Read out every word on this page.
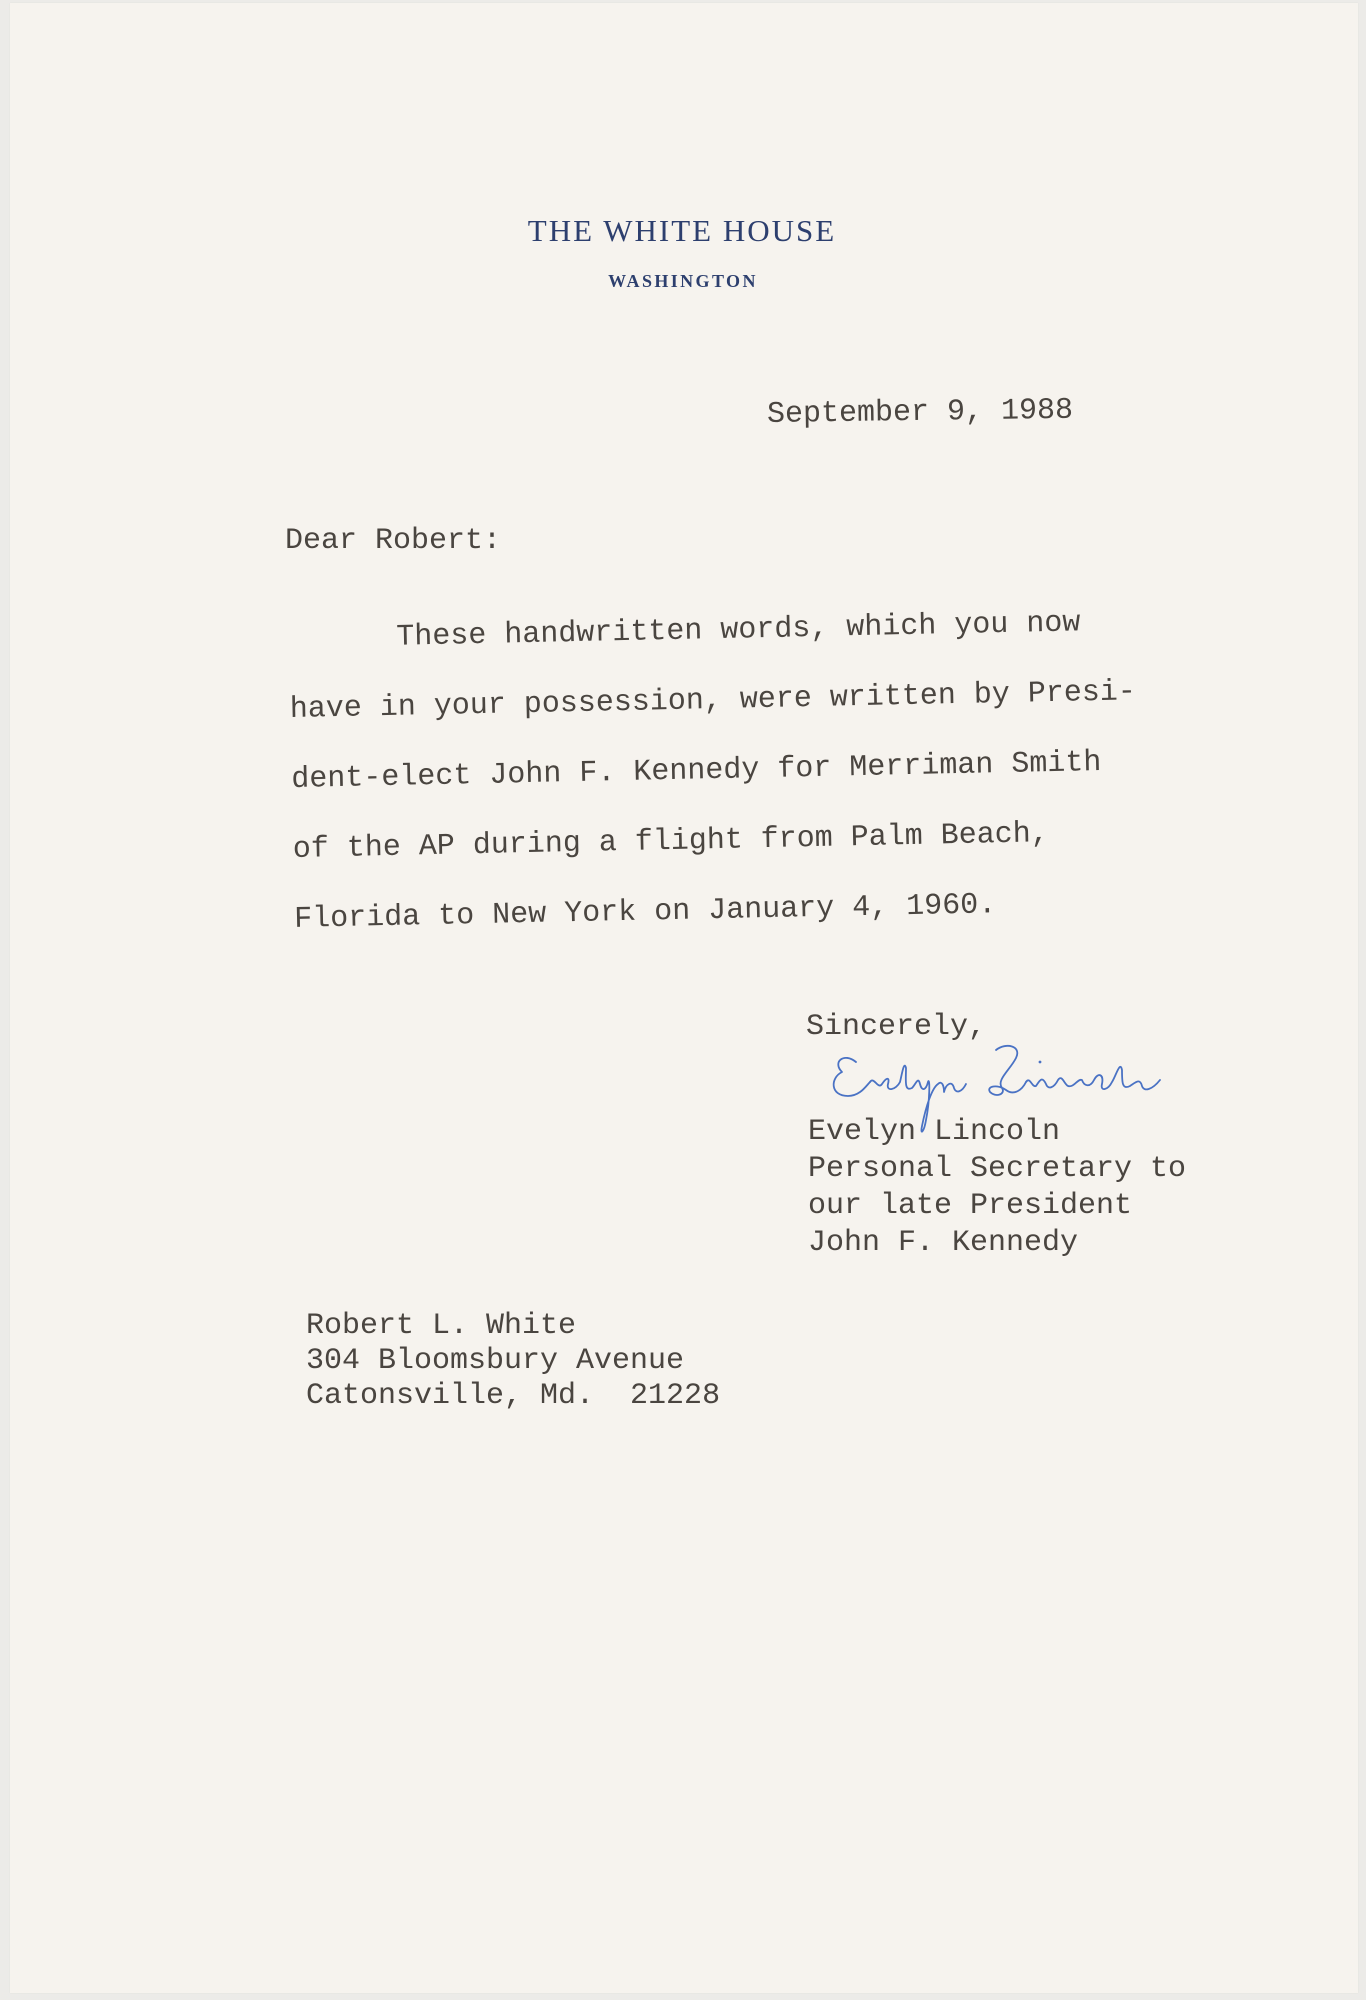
THE WHITE HOUSE
WASHINGTON
September 9, 1988
Dear Robert:
These handwritten words, which you now
have in your possession, were written by Presi-
dent-elect John F. Kennedy for Merriman Smith
of the AP during a flight from Palm Beach,
Florida to New York on January 4, 1960.
Sincerely,
Evelyn Lincoln
Personal Secretary to
our late President
John F. Kennedy
Robert L. White
304 Bloomsbury Avenue
Catonsville, Md.  21228
